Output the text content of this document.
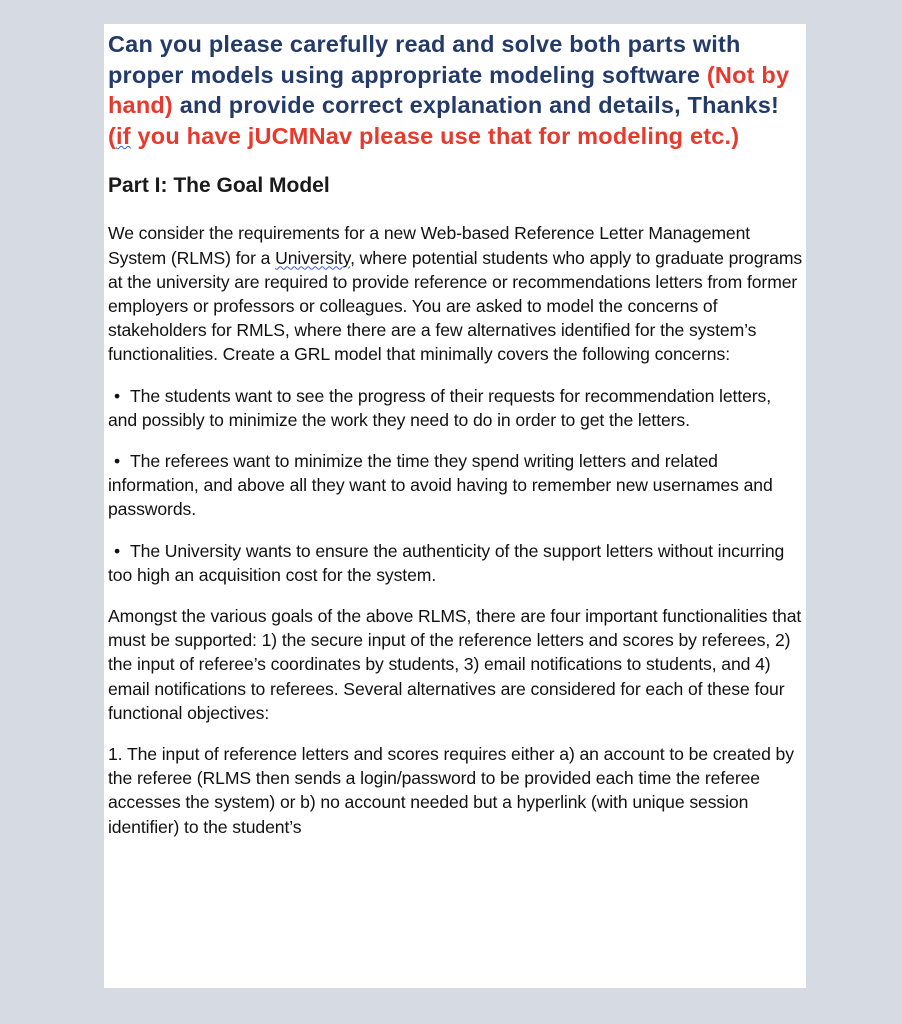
Can you please carefully read and solve both parts with proper models using appropriate modeling software (Not by hand) and provide correct explanation and details, Thanks! (if you have jUCMNav please use that for modeling etc.)

Part I: The Goal Model

We consider the requirements for a new Web-based Reference Letter Management System (RLMS) for a University, where potential students who apply to graduate programs at the university are required to provide reference or recommendations letters from former employers or professors or colleagues. You are asked to model the concerns of stakeholders for RMLS, where there are a few alternatives identified for the system’s functionalities. Create a GRL model that minimally covers the following concerns:

• The students want to see the progress of their requests for recommendation letters, and possibly to minimize the work they need to do in order to get the letters.

• The referees want to minimize the time they spend writing letters and related information, and above all they want to avoid having to remember new usernames and passwords.

• The University wants to ensure the authenticity of the support letters without incurring too high an acquisition cost for the system.

Amongst the various goals of the above RLMS, there are four important functionalities that must be supported: 1) the secure input of the reference letters and scores by referees, 2) the input of referee’s coordinates by students, 3) email notifications to students, and 4) email notifications to referees. Several alternatives are considered for each of these four functional objectives:

1. The input of reference letters and scores requires either a) an account to be created by the referee (RLMS then sends a login/password to be provided each time the referee accesses the system) or b) no account needed but a hyperlink (with unique session identifier) to the student’s
